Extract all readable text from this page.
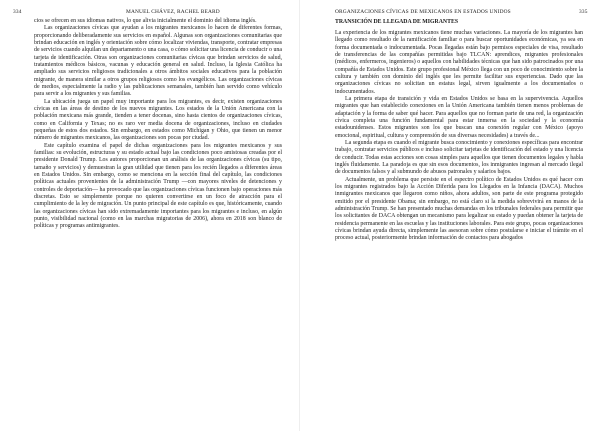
334	MANUEL CHÁVEZ, RACHEL BEARD

cios se ofrecen en sus idiomas nativos, lo que alivia inicialmente el dominio del idioma inglés.

Las organizaciones cívicas que ayudan a los migrantes mexicanos lo hacen de diferentes formas, proporcionando deliberadamente sus servicios en español. Algunas son organizaciones comunitarias que brindan educación en inglés y orientación sobre cómo localizar viviendas, transporte, contratar empresas de servicios cuando alquilan un departamento o una casa, o cómo solicitar una licencia de conducir o una tarjeta de identificación. Otras son organizaciones comunitarias cívicas que brindan servicios de salud, tratamientos médicos básicos, vacunas y educación general en salud. Incluso, la Iglesia Católica ha ampliado sus servicios religiosos tradicionales a otros ámbitos sociales educativos para la población migrante, de manera similar a otros grupos religiosos como los evangélicos. Las organizaciones cívicas de medios, especialmente la radio y las publicaciones semanales, también han servido como vehículo para servir a los migrantes y sus familias.

La ubicación juega un papel muy importante para los migrantes, es decir, existen organizaciones cívicas en las áreas de destino de los nuevos migrantes. Los estados de la Unión Americana con la población mexicana más grande, tienden a tener docenas, sino hasta cientos de organizaciones cívicas, como en California y Texas; no es raro ver media docena de organizaciones, incluso en ciudades pequeñas de estos dos estados. Sin embargo, en estados como Michigan y Ohio, que tienen un menor número de migrantes mexicanos, las organizaciones son pocas por ciudad.

Este capítulo examina el papel de dichas organizaciones para los migrantes mexicanos y sus familias: su evolución, estructuras y su estado actual bajo las condiciones poco amistosas creadas por el presidente Donald Trump. Los autores proporcionan un análisis de las organizaciones cívicas (su tipo, tamaño y servicios) y demuestran la gran utilidad que tienen para los recién llegados a diferentes áreas en Estados Unidos. Sin embargo, como se menciona en la sección final del capítulo, las condiciones políticas actuales provenientes de la administración Trump —con mayores niveles de detenciones y controles de deportación— ha provocado que las organizaciones cívicas funcionen bajo operaciones más discretas. Esto se simplemente porque no quieren convertirse en un foco de atracción para el cumplimiento de la ley de migración. Un punto principal de este capítulo es que, históricamente, cuando las organizaciones cívicas han sido extremadamente importantes para los migrantes e incluso, en algún punto, visibilidad nacional (como en las marchas migratorias de 2006), ahora en 2018 son blanco de políticas y programas antimigrantes.

ORGANIZACIONES CÍVICAS DE MEXICANOS EN ESTADOS UNIDOS	335
TRANSICIÓN DE LLEGADA DE MIGRANTES

La experiencia de los migrantes mexicanos tiene muchas variaciones. La mayoría de los migrantes han llegado como resultado de la ramificación familiar o para buscar oportunidades económicas, ya sea en forma documentada o indocumentada. Pocas llegadas están bajo permisos especiales de visa, resultado de transferencias de las compañías permitidas bajo TLCAN: aprendices, migrantes profesionales (médicos, enfermeros, ingenieros) o aquellos con habilidades técnicas que han sido patrocinados por una compañía de Estados Unidos. Este grupo profesional México llega con un poco de conocimiento sobre la cultura y también con dominio del inglés que les permite facilitar sus experiencias. Dado que las organizaciones cívicas no solicitan un estatus legal, sirven igualmente a los documentados o indocumentados.

La primera etapa de transición y vida en Estados Unidos se basa en la supervivencia. Aquellos migrantes que han establecido conexiones en la Unión Americana también tienen menos problemas de adaptación y la forma de saber qué hacer. Para aquellos que no forman parte de una red, la organización cívica completa una función fundamental para estar inmersa en la sociedad y la economía estadounidenses. Estos migrantes son los que buscan una conexión regular con México (apoyo emocional, espiritual, cultura y comprensión de sus diversas necesidades) a través de...

La segunda etapa es cuando el migrante busca conocimiento y conexiones específicas para encontrar trabajo, contratar servicios públicos e incluso solicitar tarjetas de identificación del estado y una licencia de conducir. Todas estas acciones son cosas simples para aquellos que tienen documentos legales y habla inglés fluidamente. La paradoja es que sin esos documentos, los inmigrantes ingresan al mercado ilegal de documentos falsos y al submundo de abusos patronales y salarios bajos.

Actualmente, un problema que persiste en el espectro político de Estados Unidos es qué hacer con los migrantes registrados bajo la Acción Diferida para los Llegados en la Infancia (DACA). Muchos inmigrantes mexicanos que llegaron como niños, ahora adultos, son parte de este programa protegido emitido por el presidente Obama; sin embargo, no está claro si la medida sobrevivirá en manos de la administración Trump. Se han presentado muchas demandas en los tribunales federales para permitir que los solicitantes de DACA obtengan un mecanismo para legalizar su estado y puedan obtener la tarjeta de residencia permanente en las escuelas y las instituciones laborales. Para este grupo, pocas organizaciones cívicas brindan ayuda directa, simplemente las asesoran sobre cómo postularse e iniciar el trámite en el proceso actual, posteriormente brindan información de contactos para abogados
